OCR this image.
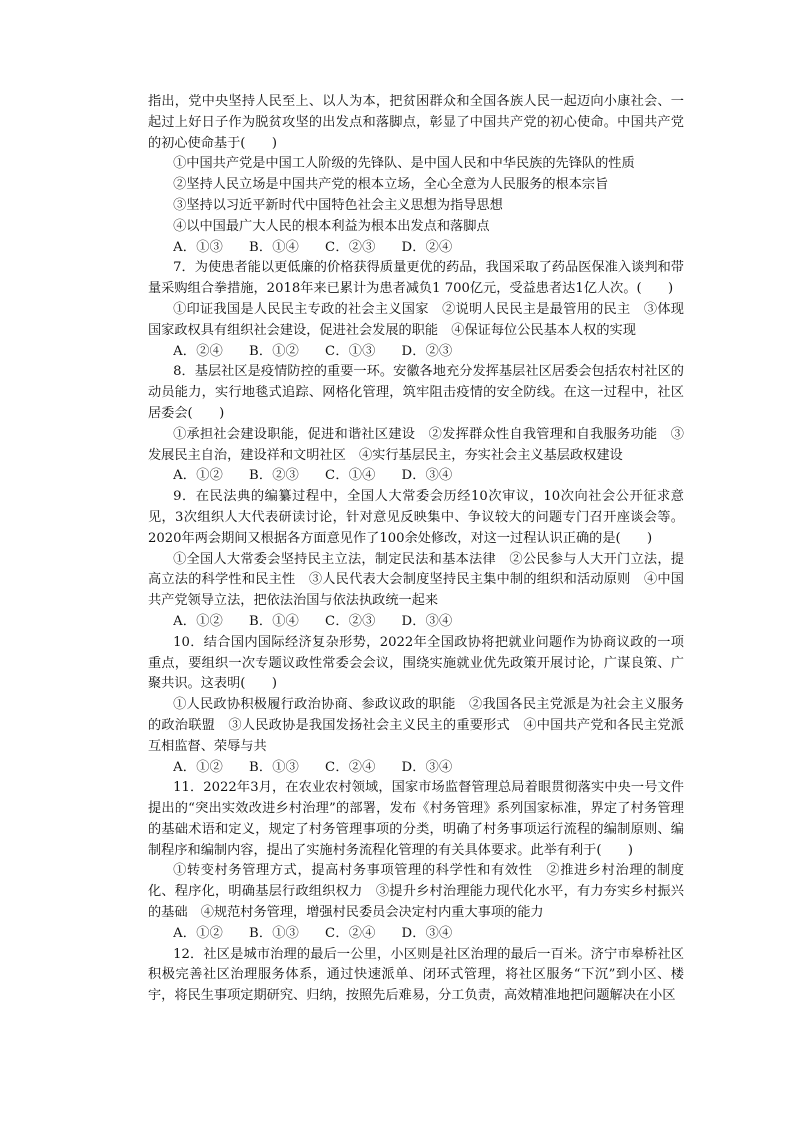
指出，党中央坚持人民至上、以人为本，把贫困群众和全国各族人民一起迈向小康社会、一起过上好日子作为脱贫攻坚的出发点和落脚点，彰显了中国共产党的初心使命。中国共产党的初心使命基于(　　)

①中国共产党是中国工人阶级的先锋队、是中国人民和中华民族的先锋队的性质

②坚持人民立场是中国共产党的根本立场，全心全意为人民服务的根本宗旨

③坚持以习近平新时代中国特色社会主义思想为指导思想

④以中国最广大人民的根本利益为根本出发点和落脚点

A．①③ B．①④ C．②③ D．②④

7．为使患者能以更低廉的价格获得质量更优的药品，我国采取了药品医保准入谈判和带量采购组合拳措施，2018年来已累计为患者减负1 700亿元，受益患者达1亿人次。(　　)

①印证我国是人民民主专政的社会主义国家　②说明人民民主是最管用的民主　③体现国家政权具有组织社会建设，促进社会发展的职能　④保证每位公民基本人权的实现

A．②④ B．①② C．①③ D．②③

8．基层社区是疫情防控的重要一环。安徽各地充分发挥基层社区居委会包括农村社区的动员能力，实行地毯式追踪、网格化管理，筑牢阻击疫情的安全防线。在这一过程中，社区居委会(　　)

①承担社会建设职能，促进和谐社区建设　②发挥群众性自我管理和自我服务功能　③发展民主自治，建设祥和文明社区　④实行基层民主，夯实社会主义基层政权建设

A．①② B．②③ C．①④ D．③④

9．在民法典的编纂过程中，全国人大常委会历经10次审议，10次向社会公开征求意见，3次组织人大代表研读讨论，针对意见反映集中、争议较大的问题专门召开座谈会等。2020年两会期间又根据各方面意见作了100余处修改，对这一过程认识正确的是(　　)

①全国人大常委会坚持民主立法，制定民法和基本法律　②公民参与人大开门立法，提高立法的科学性和民主性　③人民代表大会制度坚持民主集中制的组织和活动原则　④中国共产党领导立法，把依法治国与依法执政统一起来

A．①② B．①④ C．②③ D．③④

10．结合国内国际经济复杂形势，2022年全国政协将把就业问题作为协商议政的一项重点，要组织一次专题议政性常委会会议，围绕实施就业优先政策开展讨论，广谋良策、广聚共识。这表明(　　)

①人民政协积极履行政治协商、参政议政的职能　②我国各民主党派是为社会主义服务的政治联盟　③人民政协是我国发扬社会主义民主的重要形式　④中国共产党和各民主党派互相监督、荣辱与共

A．①② B．①③ C．②④ D．③④

11．2022年3月，在农业农村领域，国家市场监督管理总局着眼贯彻落实中央一号文件提出的“突出实效改进乡村治理”的部署，发布《村务管理》系列国家标准，界定了村务管理的基础术语和定义，规定了村务管理事项的分类，明确了村务事项运行流程的编制原则、编制程序和编制内容，提出了实施村务流程化管理的有关具体要求。此举有利于(　　)

①转变村务管理方式，提高村务事项管理的科学性和有效性　②推进乡村治理的制度化、程序化，明确基层行政组织权力　③提升乡村治理能力现代化水平，有力夯实乡村振兴的基础　④规范村务管理，增强村民委员会决定村内重大事项的能力

A．①② B．①③ C．②④ D．③④

12．社区是城市治理的最后一公里，小区则是社区治理的最后一百米。济宁市皋桥社区积极完善社区治理服务体系，通过快速派单、闭环式管理，将社区服务“下沉”到小区、楼宇，将民生事项定期研究、归纳，按照先后难易，分工负责，高效精准地把问题解决在小区
